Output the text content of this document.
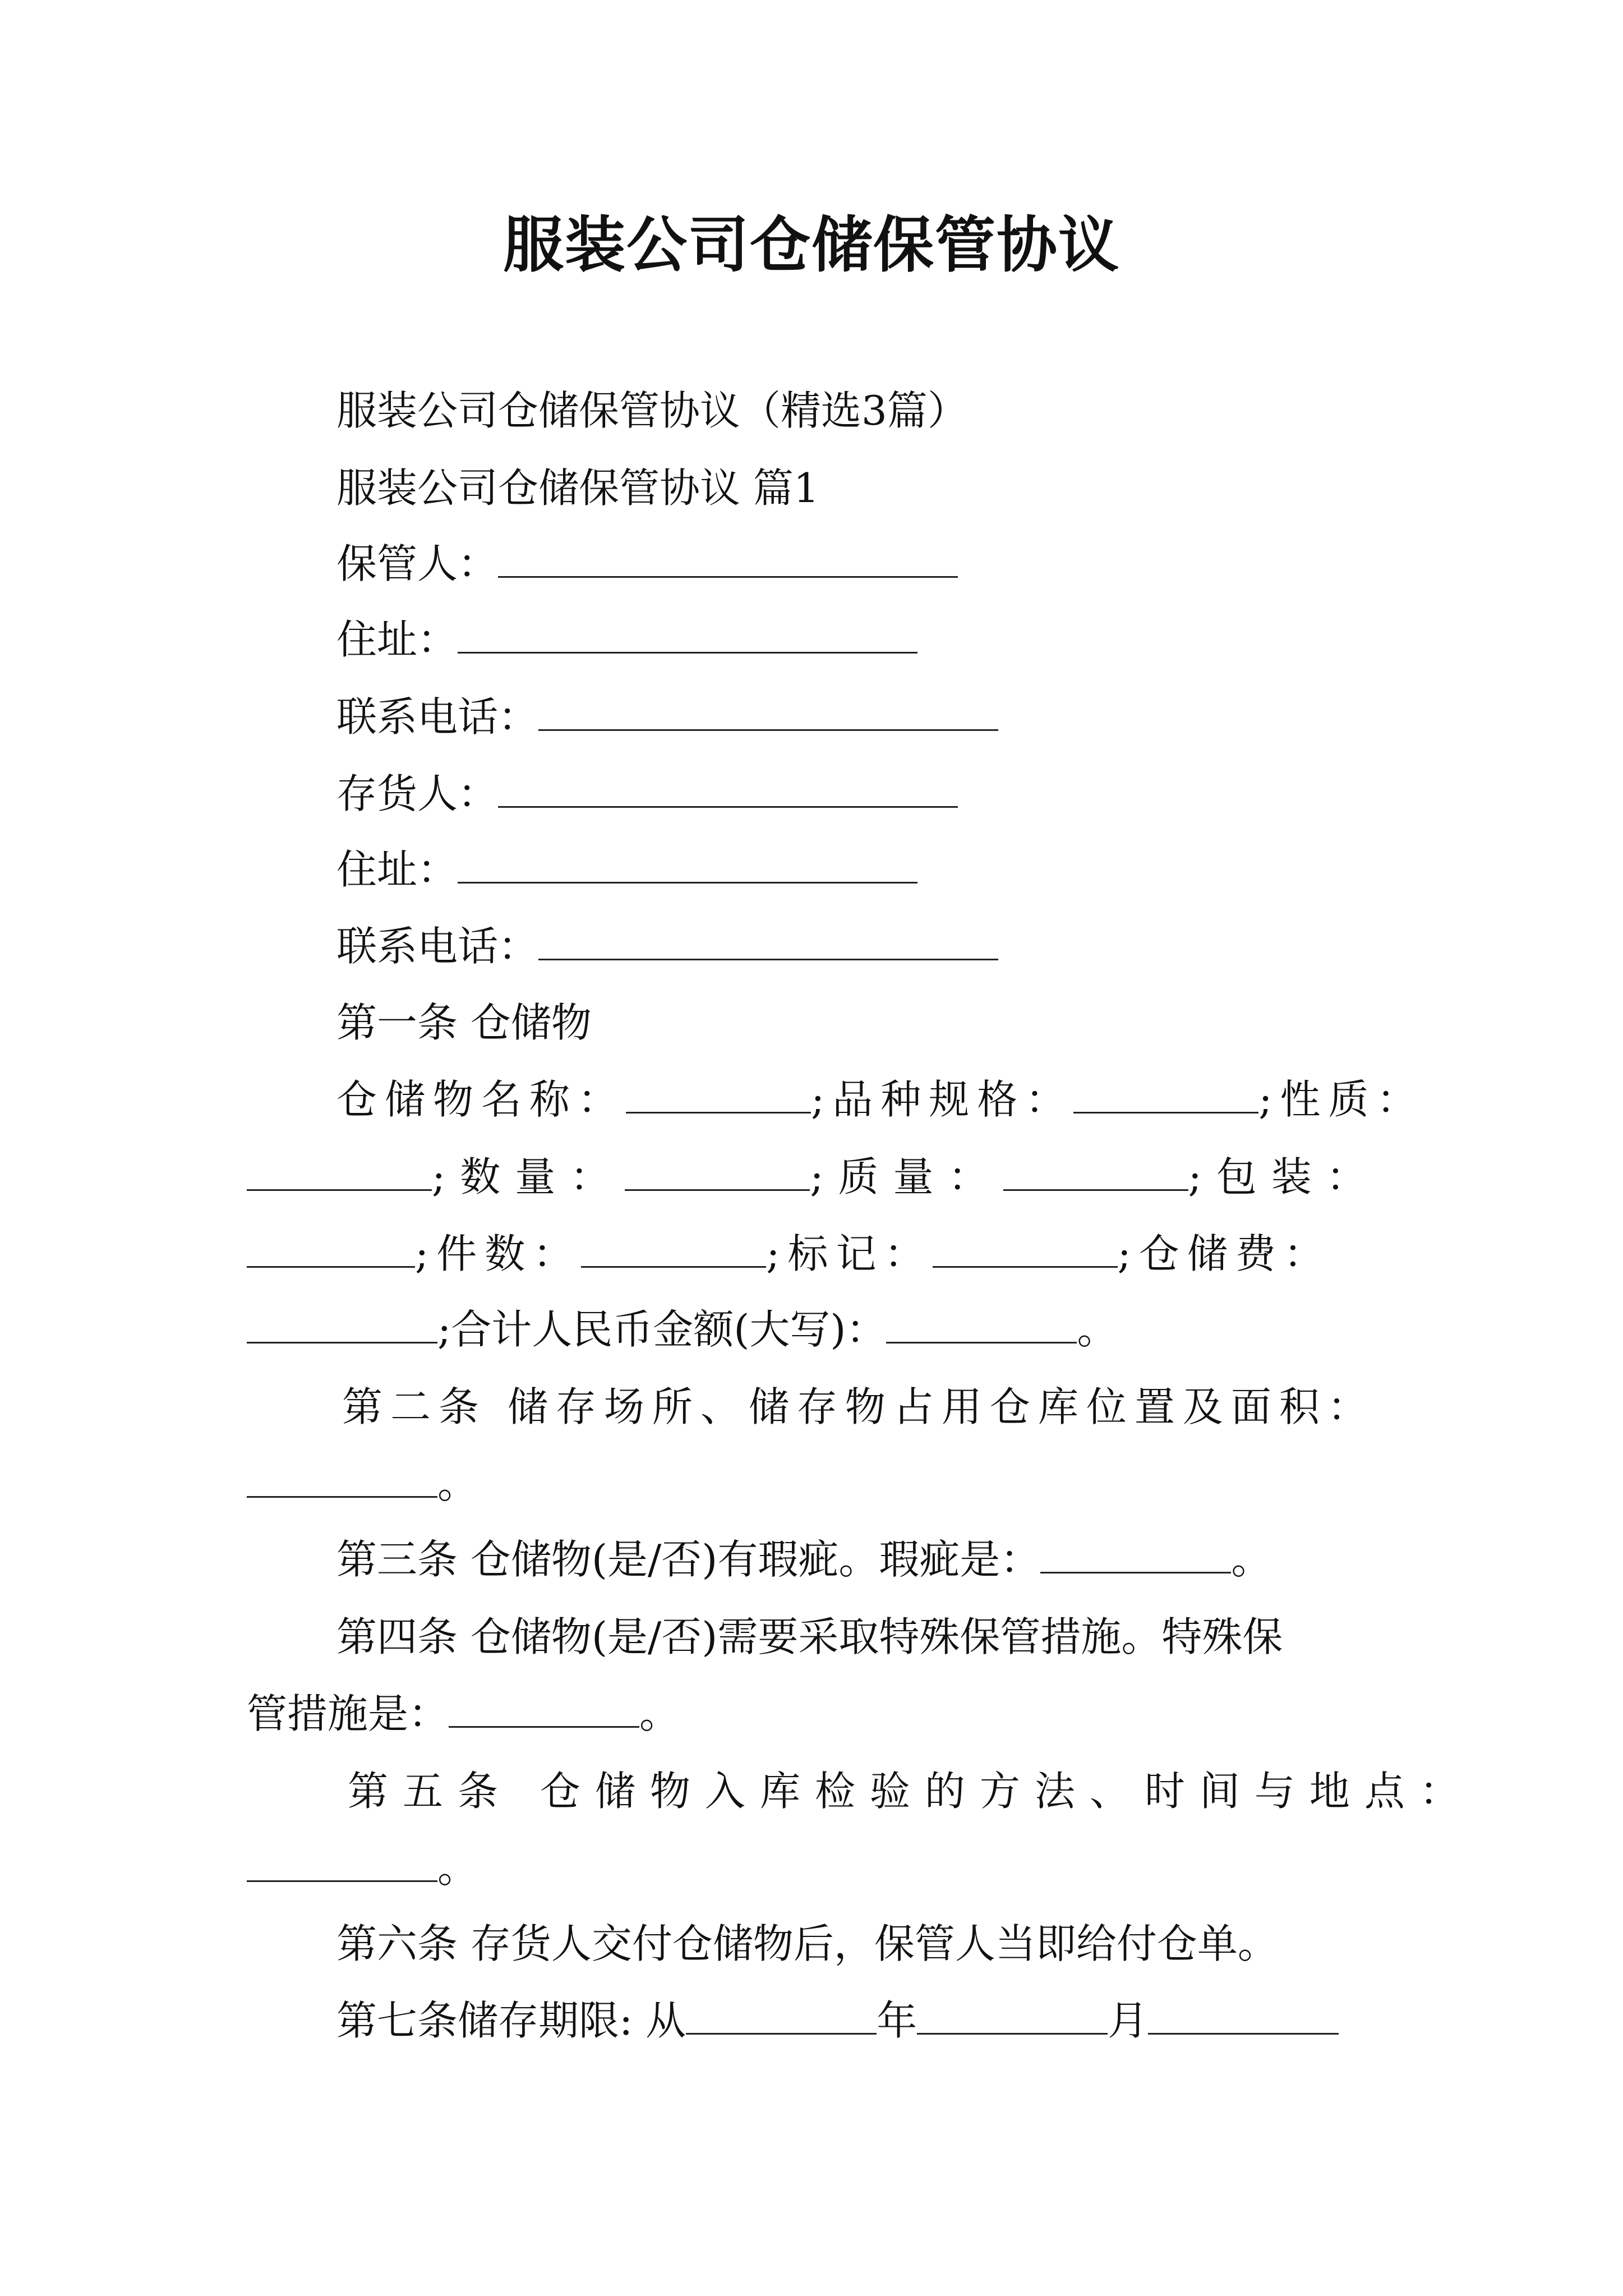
服装公司仓储保管协议
服装公司仓储保管协议（精选3篇）
服装公司仓储保管协议 篇1
保管人：
住址：
联系电话：
存货人：
住址：
联系电话：
第一条 仓储物
仓储物名称：	;品种规格：	;性质：
;数量：	;质量：	;包装：
;件数：	;标记：	;仓储费：
;合计人民币金额(大写)：	。
第二条 储存场所、储存物占用仓库位置及面积：
。
第三条 仓储物(是/否)有瑕疵。瑕疵是：	。
第四条 仓储物(是/否)需要采取特殊保管措施。特殊保
管措施是：	。
第五条 仓储物入库检验的方法、时间与地点：
。
第六条 存货人交付仓储物后，保管人当即给付仓单。
第七条储存期限: 从	年	月
